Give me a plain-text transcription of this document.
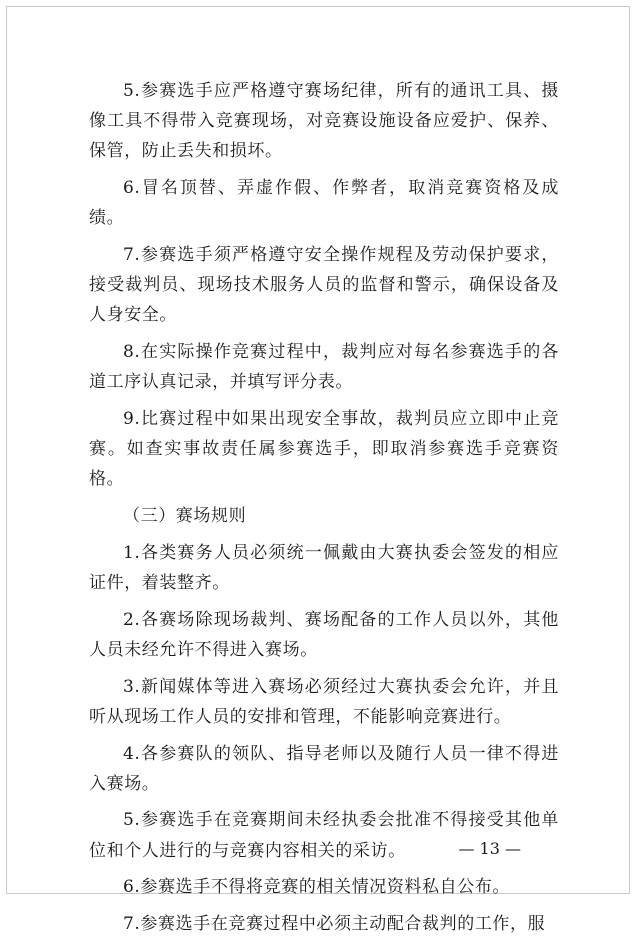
5.参赛选手应严格遵守赛场纪律，所有的通讯工具、摄像工具不得带入竞赛现场，对竞赛设施设备应爱护、保养、保管，防止丢失和损坏。

6.冒名顶替、弄虚作假、作弊者，取消竞赛资格及成绩。

7.参赛选手须严格遵守安全操作规程及劳动保护要求，接受裁判员、现场技术服务人员的监督和警示，确保设备及人身安全。

8.在实际操作竞赛过程中，裁判应对每名参赛选手的各道工序认真记录，并填写评分表。

9.比赛过程中如果出现安全事故，裁判员应立即中止竞赛。如查实事故责任属参赛选手，即取消参赛选手竞赛资格。

（三）赛场规则

1.各类赛务人员必须统一佩戴由大赛执委会签发的相应证件，着装整齐。

2.各赛场除现场裁判、赛场配备的工作人员以外，其他人员未经允许不得进入赛场。

3.新闻媒体等进入赛场必须经过大赛执委会允许，并且听从现场工作人员的安排和管理，不能影响竞赛进行。

4.各参赛队的领队、指导老师以及随行人员一律不得进入赛场。

5.参赛选手在竞赛期间未经执委会批准不得接受其他单位和个人进行的与竞赛内容相关的采访。

6.参赛选手不得将竞赛的相关情况资料私自公布。

7.参赛选手在竞赛过程中必须主动配合裁判的工作，服

— 13 —
